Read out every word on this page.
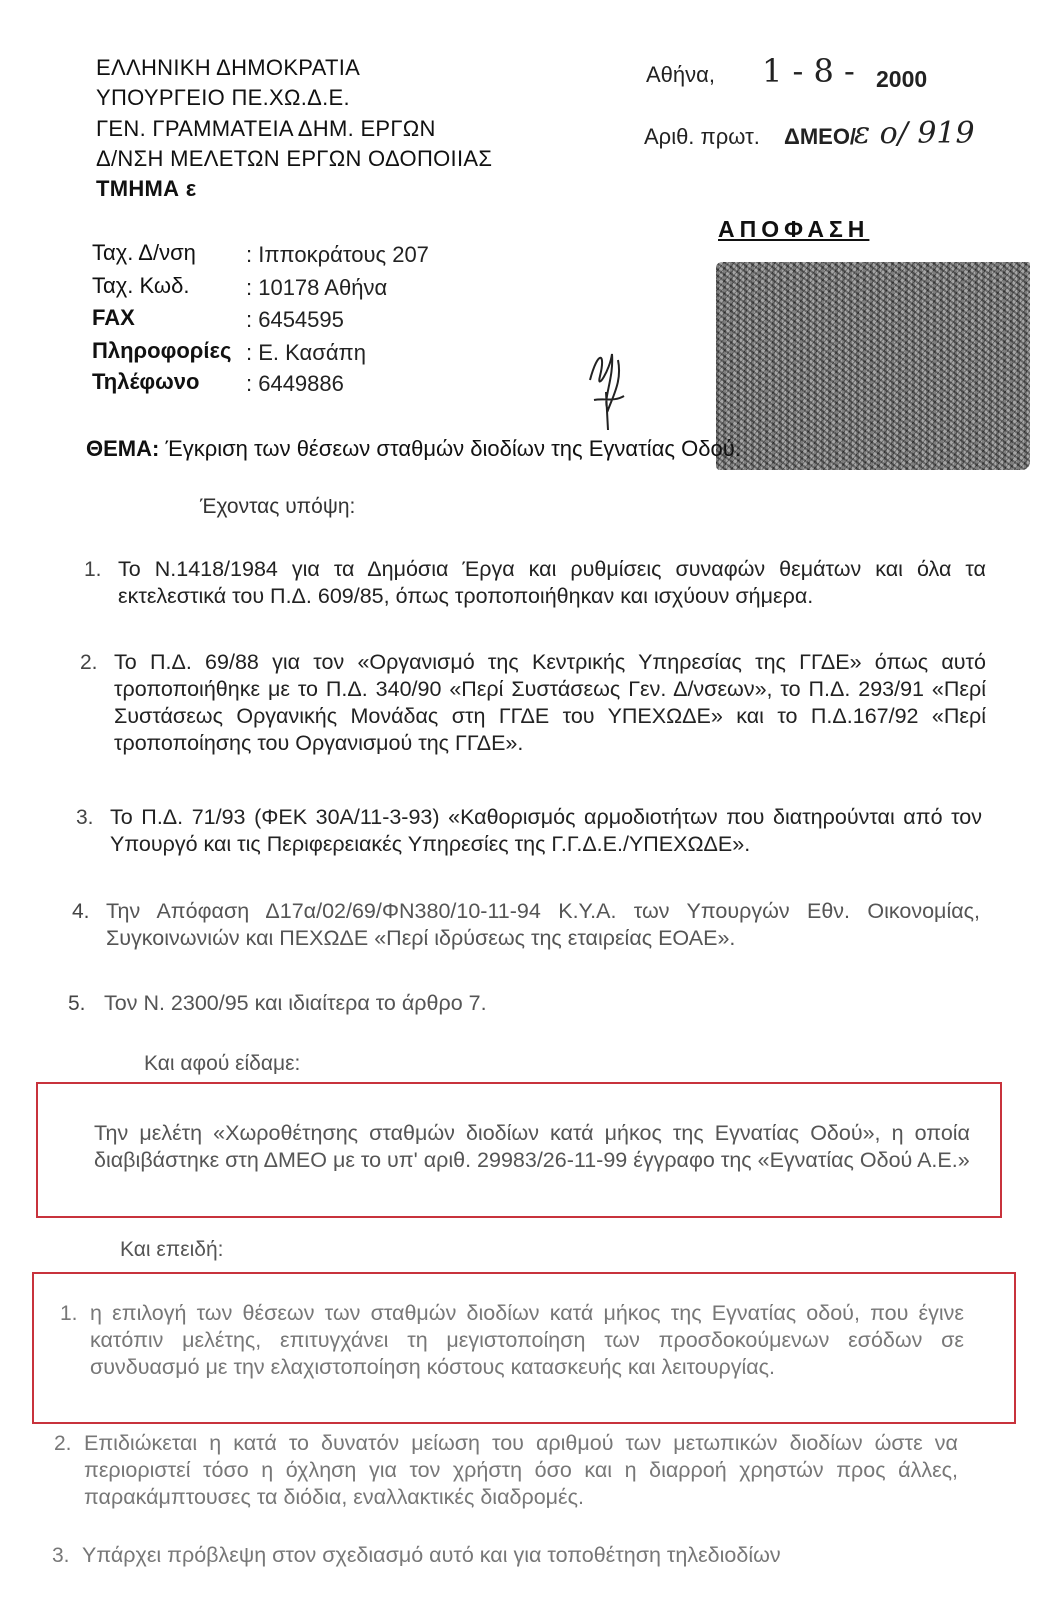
ΕΛΛΗΝΙΚΗ ΔΗΜΟΚΡΑΤΙΑ
ΥΠΟΥΡΓΕΙΟ ΠΕ.ΧΩ.Δ.Ε.
ΓΕΝ. ΓΡΑΜΜΑΤΕΙΑ ΔΗΜ. ΕΡΓΩΝ
Δ/ΝΣΗ ΜΕΛΕΤΩΝ ΕΡΓΩΝ ΟΔΟΠΟΙΙΑΣ
ΤΜΗΜΑ ε
Αθήνα, 1 - 8 - 2000
Αριθ. πρωτ. ΔΜΕΟ/
ε ο/ 919
ΑΠΟΦΑΣΗ
Ταχ. Δ/νση : Ιπποκράτους 207
Ταχ. Κωδ.	: 10178 Αθήνα
FAX	: 6454595
Πληροφορίες : Ε. Κασάπη
Τηλέφωνο : 6449886
ΘΕΜΑ: Έγκριση των θέσεων σταθμών διοδίων της Εγνατίας Οδού.
Έχοντας υπόψη:
1. Το Ν.1418/1984 για τα Δημόσια Έργα και ρυθμίσεις συναφών θεμάτων και όλα τα εκτελεστικά του Π.Δ. 609/85, όπως τροποποιήθηκαν και ισχύουν σήμερα.
2. Το Π.Δ. 69/88 για τον «Οργανισμό της Κεντρικής Υπηρεσίας της ΓΓΔΕ» όπως αυτό τροποποιήθηκε με το Π.Δ. 340/90 «Περί Συστάσεως Γεν. Δ/νσεων», το Π.Δ. 293/91 «Περί Συστάσεως Οργανικής Μονάδας στη ΓΓΔΕ του ΥΠΕΧΩΔΕ» και το Π.Δ.167/92 «Περί τροποποίησης του Οργανισμού της ΓΓΔΕ».
3. Το Π.Δ. 71/93 (ΦΕΚ 30Α/11-3-93) «Καθορισμός αρμοδιοτήτων που διατηρούνται από τον Υπουργό και τις Περιφερειακές Υπηρεσίες της Γ.Γ.Δ.Ε./ΥΠΕΧΩΔΕ».
4. Την Απόφαση Δ17α/02/69/ΦΝ380/10-11-94 Κ.Υ.Α. των Υπουργών Εθν. Οικονομίας, Συγκοινωνιών και ΠΕΧΩΔΕ «Περί ιδρύσεως της εταιρείας ΕΟΑΕ».
5. Τον Ν. 2300/95 και ιδιαίτερα το άρθρο 7.
Και αφού είδαμε:
Την μελέτη «Χωροθέτησης σταθμών διοδίων κατά μήκος της Εγνατίας Οδού», η οποία διαβιβάστηκε στη ΔΜΕΟ με το υπ' αριθ. 29983/26-11-99 έγγραφο της «Εγνατίας Οδού Α.Ε.»
Και επειδή:
1. η επιλογή των θέσεων των σταθμών διοδίων κατά μήκος της Εγνατίας οδού, που έγινε κατόπιν μελέτης, επιτυγχάνει τη μεγιστοποίηση των προσδοκούμενων εσόδων σε συνδυασμό με την ελαχιστοποίηση κόστους κατασκευής και λειτουργίας.
2. Επιδιώκεται η κατά το δυνατόν μείωση του αριθμού των μετωπικών διοδίων ώστε να περιοριστεί τόσο η όχληση για τον χρήστη όσο και η διαρροή χρηστών προς άλλες, παρακάμπτουσες τα διόδια, εναλλακτικές διαδρομές.
3. Υπάρχει πρόβλεψη στον σχεδιασμό αυτό και για τοποθέτηση τηλεδιοδίων
